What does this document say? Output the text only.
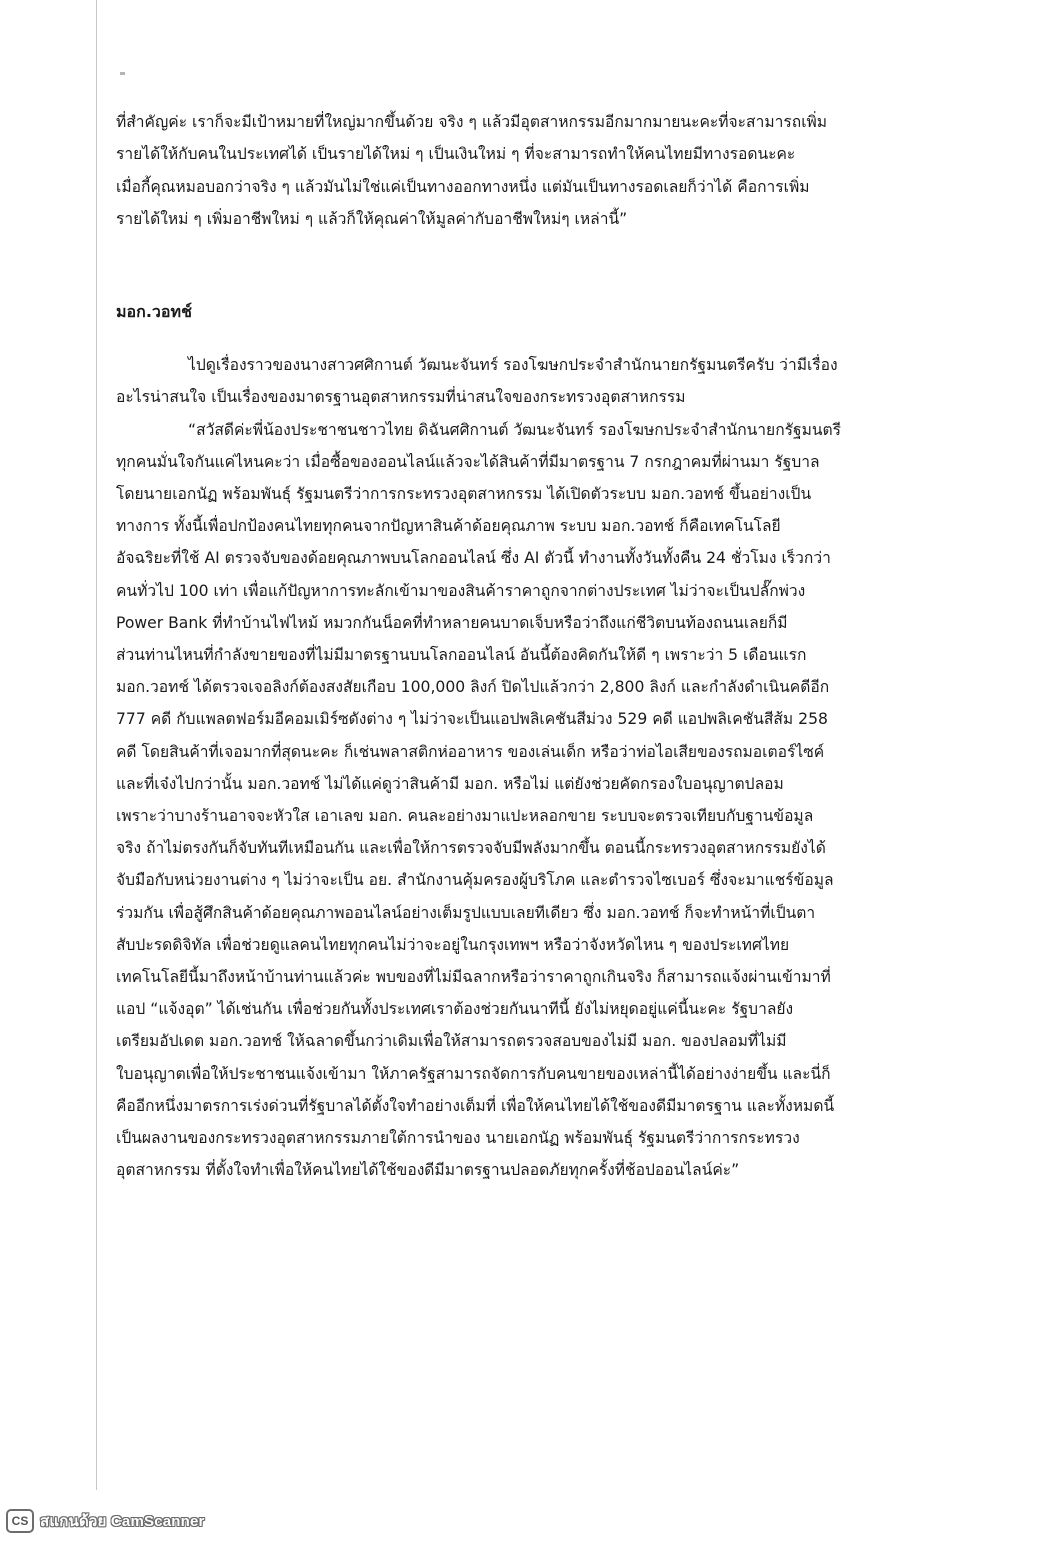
ที่สำคัญค่ะ เราก็จะมีเป้าหมายที่ใหญ่มากขึ้นด้วย จริง ๆ แล้วมีอุตสาหกรรมอีกมากมายนะคะที่จะสามารถเพิ่ม
รายได้ให้กับคนในประเทศได้ เป็นรายได้ใหม่ ๆ เป็นเงินใหม่ ๆ ที่จะสามารถทำให้คนไทยมีทางรอดนะคะ
เมื่อกี้คุณหมอบอกว่าจริง ๆ แล้วมันไม่ใช่แค่เป็นทางออกทางหนึ่ง แต่มันเป็นทางรอดเลยก็ว่าได้ คือการเพิ่ม
รายได้ใหม่ ๆ เพิ่มอาชีพใหม่ ๆ แล้วก็ให้คุณค่าให้มูลค่ากับอาชีพใหม่ๆ เหล่านี้”

มอก.วอทช์

ไปดูเรื่องราวของนางสาวศศิกานต์ วัฒนะจันทร์ รองโฆษกประจำสำนักนายกรัฐมนตรีครับ ว่ามีเรื่อง
อะไรน่าสนใจ เป็นเรื่องของมาตรฐานอุตสาหกรรมที่น่าสนใจของกระทรวงอุตสาหกรรม

“สวัสดีค่ะพี่น้องประชาชนชาวไทย ดิฉันศศิกานต์ วัฒนะจันทร์ รองโฆษกประจำสำนักนายกรัฐมนตรี
ทุกคนมั่นใจกันแค่ไหนคะว่า เมื่อซื้อของออนไลน์แล้วจะได้สินค้าที่มีมาตรฐาน 7 กรกฎาคมที่ผ่านมา รัฐบาล
โดยนายเอกนัฏ พร้อมพันธุ์ รัฐมนตรีว่าการกระทรวงอุตสาหกรรม ได้เปิดตัวระบบ มอก.วอทช์ ขึ้นอย่างเป็น
ทางการ ทั้งนี้เพื่อปกป้องคนไทยทุกคนจากปัญหาสินค้าด้อยคุณภาพ ระบบ มอก.วอทช์ ก็คือเทคโนโลยี
อัจฉริยะที่ใช้ AI ตรวจจับของด้อยคุณภาพบนโลกออนไลน์ ซึ่ง AI ตัวนี้ ทำงานทั้งวันทั้งคืน 24 ชั่วโมง เร็วกว่า
คนทั่วไป 100 เท่า เพื่อแก้ปัญหาการทะลักเข้ามาของสินค้าราคาถูกจากต่างประเทศ ไม่ว่าจะเป็นปลั๊กพ่วง
Power Bank ที่ทำบ้านไฟไหม้ หมวกกันน็อคที่ทำหลายคนบาดเจ็บหรือว่าถึงแก่ชีวิตบนท้องถนนเลยก็มี
ส่วนท่านไหนที่กำลังขายของที่ไม่มีมาตรฐานบนโลกออนไลน์ อันนี้ต้องคิดกันให้ดี ๆ เพราะว่า 5 เดือนแรก
มอก.วอทช์ ได้ตรวจเจอลิงก์ต้องสงสัยเกือบ 100,000 ลิงก์ ปิดไปแล้วกว่า 2,800 ลิงก์ และกำลังดำเนินคดีอีก
777 คดี กับแพลตฟอร์มอีคอมเมิร์ซดังต่าง ๆ ไม่ว่าจะเป็นแอปพลิเคชันสีม่วง 529 คดี แอปพลิเคชันสีส้ม 258
คดี โดยสินค้าที่เจอมากที่สุดนะคะ ก็เช่นพลาสติกห่ออาหาร ของเล่นเด็ก หรือว่าท่อไอเสียของรถมอเตอร์ไซค์
และที่เจ๋งไปกว่านั้น มอก.วอทช์ ไม่ได้แค่ดูว่าสินค้ามี มอก. หรือไม่ แต่ยังช่วยคัดกรองใบอนุญาตปลอม
เพราะว่าบางร้านอาจจะหัวใส เอาเลข มอก. คนละอย่างมาแปะหลอกขาย ระบบจะตรวจเทียบกับฐานข้อมูล
จริง ถ้าไม่ตรงกันก็จับทันทีเหมือนกัน และเพื่อให้การตรวจจับมีพลังมากขึ้น ตอนนี้กระทรวงอุตสาหกรรมยังได้
จับมือกับหน่วยงานต่าง ๆ ไม่ว่าจะเป็น อย. สำนักงานคุ้มครองผู้บริโภค และตำรวจไซเบอร์ ซึ่งจะมาแชร์ข้อมูล
ร่วมกัน เพื่อสู้ศึกสินค้าด้อยคุณภาพออนไลน์อย่างเต็มรูปแบบเลยทีเดียว ซึ่ง มอก.วอทช์ ก็จะทำหน้าที่เป็นตา
สับปะรดดิจิทัล เพื่อช่วยดูแลคนไทยทุกคนไม่ว่าจะอยู่ในกรุงเทพฯ หรือว่าจังหวัดไหน ๆ ของประเทศไทย
เทคโนโลยีนี้มาถึงหน้าบ้านท่านแล้วค่ะ พบของที่ไม่มีฉลากหรือว่าราคาถูกเกินจริง ก็สามารถแจ้งผ่านเข้ามาที่
แอป “แจ้งอุต” ได้เช่นกัน เพื่อช่วยกันทั้งประเทศเราต้องช่วยกันนาทีนี้ ยังไม่หยุดอยู่แค่นี้นะคะ รัฐบาลยัง
เตรียมอัปเดต มอก.วอทช์ ให้ฉลาดขึ้นกว่าเดิมเพื่อให้สามารถตรวจสอบของไม่มี มอก. ของปลอมที่ไม่มี
ใบอนุญาตเพื่อให้ประชาชนแจ้งเข้ามา ให้ภาครัฐสามารถจัดการกับคนขายของเหล่านี้ได้อย่างง่ายขึ้น และนี่ก็
คืออีกหนึ่งมาตรการเร่งด่วนที่รัฐบาลได้ตั้งใจทำอย่างเต็มที่ เพื่อให้คนไทยได้ใช้ของดีมีมาตรฐาน และทั้งหมดนี้
เป็นผลงานของกระทรวงอุตสาหกรรมภายใต้การนำของ นายเอกนัฏ พร้อมพันธุ์ รัฐมนตรีว่าการกระทรวง
อุตสาหกรรม ที่ตั้งใจทำเพื่อให้คนไทยได้ใช้ของดีมีมาตรฐานปลอดภัยทุกครั้งที่ช้อปออนไลน์ค่ะ”

CS สแกนด้วย CamScanner
